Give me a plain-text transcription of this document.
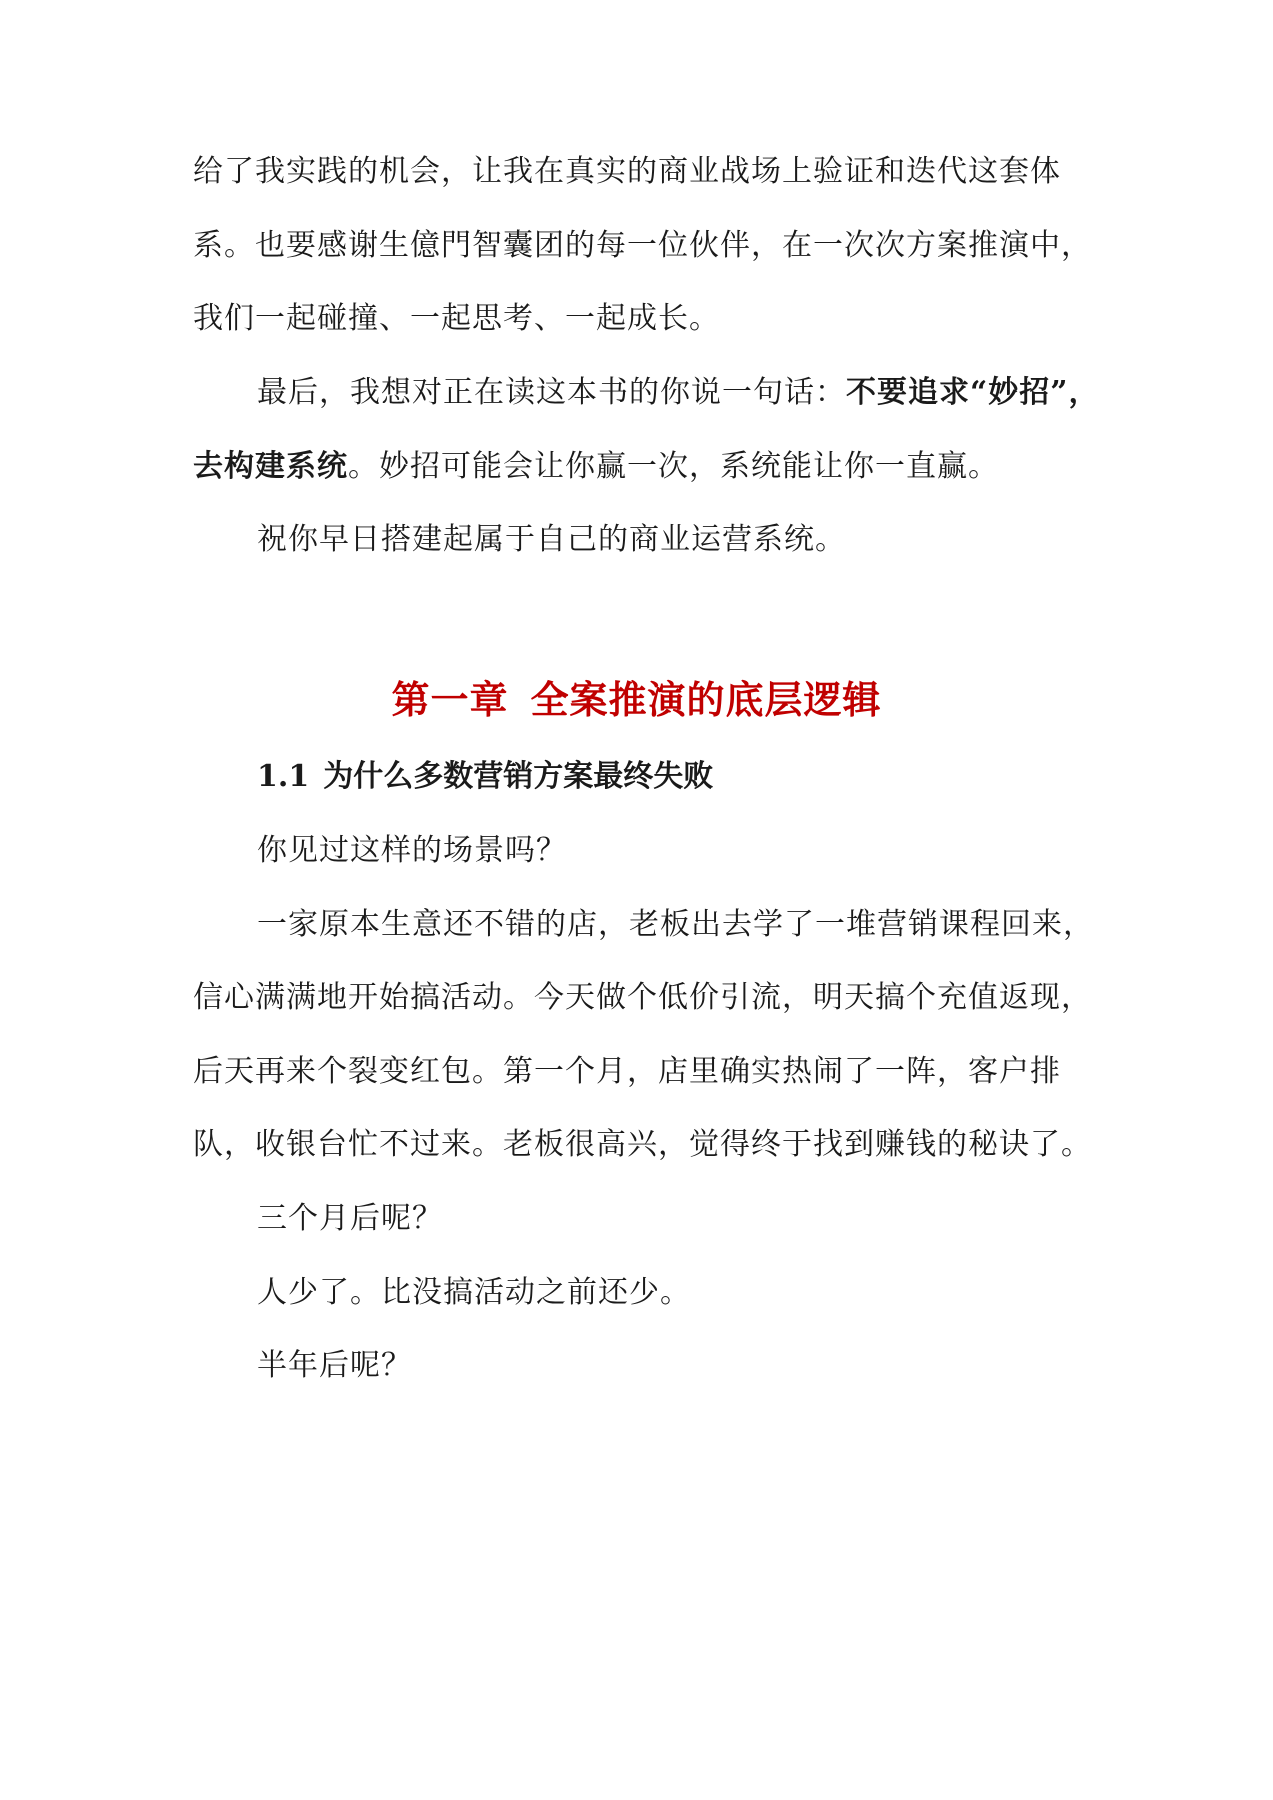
给了我实践的机会，让我在真实的商业战场上验证和迭代这套体
系。也要感谢生億門智囊团的每一位伙伴，在一次次方案推演中，
我们一起碰撞、一起思考、一起成长。
最后，我想对正在读这本书的你说一句话：不要追求“妙招”，
去构建系统。妙招可能会让你赢一次，系统能让你一直赢。
祝你早日搭建起属于自己的商业运营系统。
第一章 全案推演的底层逻辑
1.1 为什么多数营销方案最终失败
你见过这样的场景吗？
一家原本生意还不错的店，老板出去学了一堆营销课程回来，
信心满满地开始搞活动。今天做个低价引流，明天搞个充值返现，
后天再来个裂变红包。第一个月，店里确实热闹了一阵，客户排
队，收银台忙不过来。老板很高兴，觉得终于找到赚钱的秘诀了。
三个月后呢？
人少了。比没搞活动之前还少。
半年后呢？
